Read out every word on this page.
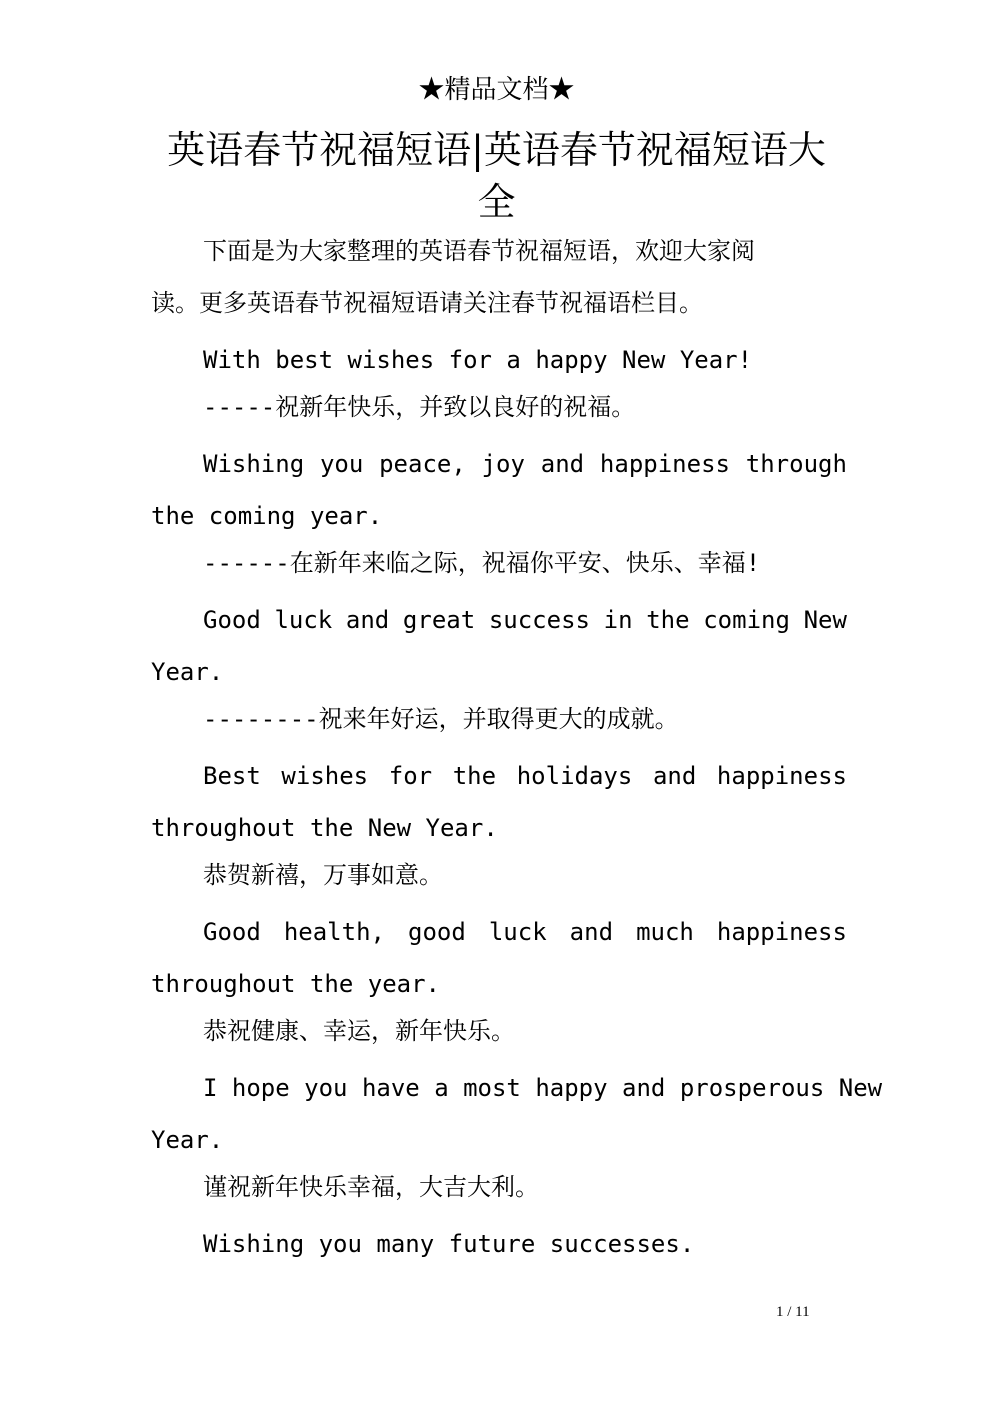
★精品文档★
英语春节祝福短语|英语春节祝福短语大
全
下面是为大家整理的英语春节祝福短语，欢迎大家阅
读。更多英语春节祝福短语请关注春节祝福语栏目。
With best wishes for a happy New Year!
-----祝新年快乐，并致以良好的祝福。
Wishing you peace, joy and happiness through
the coming year.
------在新年来临之际，祝福你平安、快乐、幸福!
Good luck and great success in the coming New
Year.
--------祝来年好运，并取得更大的成就。
Best wishes for the holidays and happiness
throughout the New Year.
恭贺新禧，万事如意。
Good health, good luck and much happiness
throughout the year.
恭祝健康、幸运，新年快乐。
I hope you have a most happy and prosperous New
Year.
谨祝新年快乐幸福，大吉大利。
Wishing you many future successes.
1 / 11
